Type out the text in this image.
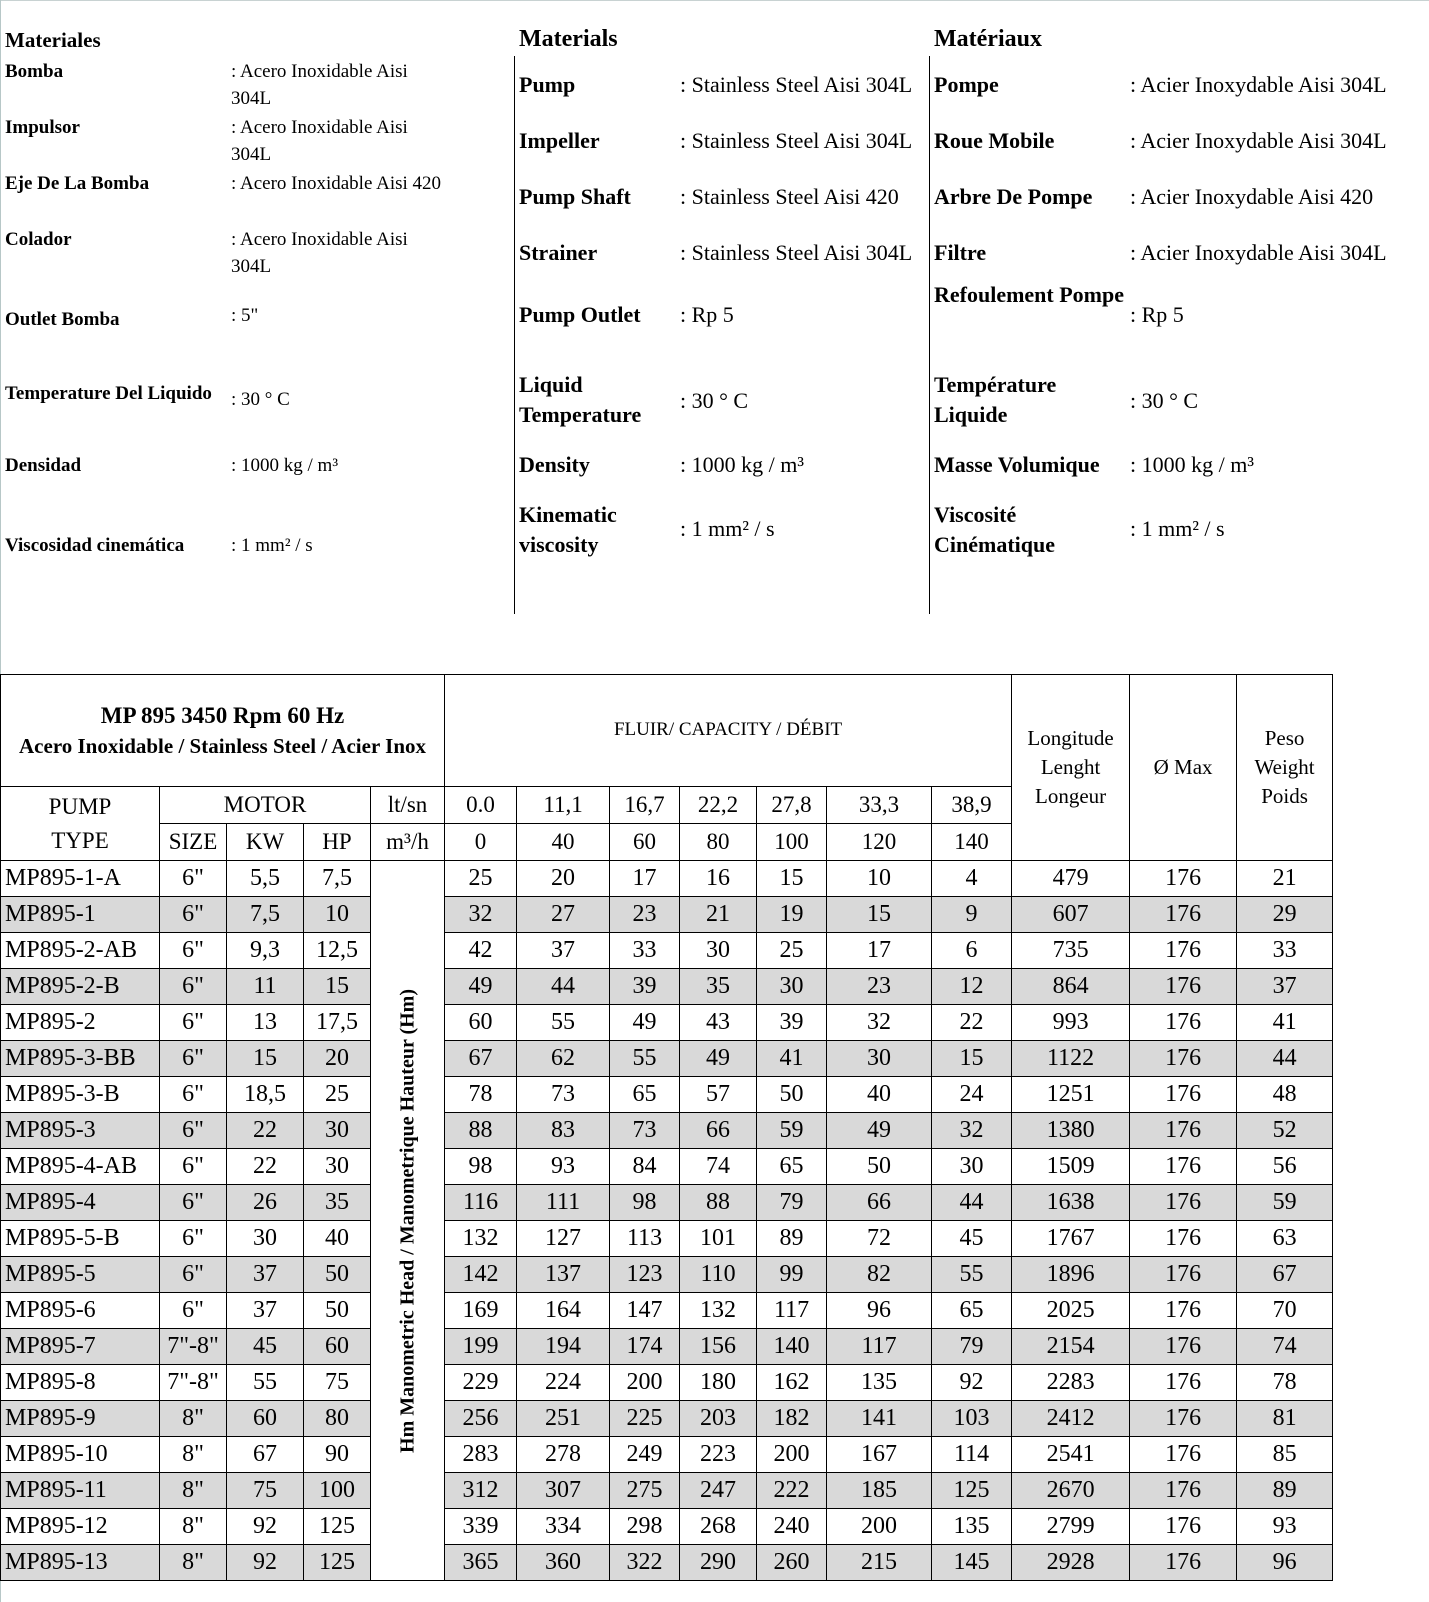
Materiales
Bomba	: Acero Inoxidable Aisi 304L
Impulsor	: Acero Inoxidable Aisi 304L
Eje De La Bomba	: Acero Inoxidable Aisi 420
Colador	: Acero Inoxidable Aisi 304L
Outlet Bomba	: 5"
Temperature Del Liquido	: 30 ° C
Densidad	: 1000 kg / m³
Viscosidad cinemática	: 1 mm² / s
Materials
Pump	: Stainless Steel Aisi 304L
Impeller	: Stainless Steel Aisi 304L
Pump Shaft	: Stainless Steel Aisi 420
Strainer	: Stainless Steel Aisi 304L
Pump Outlet	: Rp 5
Liquid Temperature
: 30 ° C
Density	: 1000 kg / m³
Kinematic viscosity
: 1 mm² / s
Matériaux
Pompe	: Acier Inoxydable Aisi 304L
Roue Mobile	: Acier Inoxydable Aisi 304L
Arbre De Pompe	: Acier Inoxydable Aisi 420
Filtre	: Acier Inoxydable Aisi 304L
Refoulement Pompe
: Rp 5
Température Liquide
: 30 ° C
Masse Volumique	: 1000 kg / m³
Viscosité Cinématique
: 1 mm² / s
MP 895 3450 Rpm 60 Hz
Acero Inoxidable / Stainless Steel / Acier Inox					FLUIR/ CAPACITY / DÉBIT							Longitude Lenght Longeur	Ø Max	Peso Weight Poids

PUMP TYPE	MOTOR			lt/sn	0.0	11,1	16,7	22,2	27,8	33,3	38,9			
	SIZE	KW	HP	m³/h	0	40	60	80	100	120	140			
MP895-1-A	6"	5,5	7,5	Hm Manometric Head / Manometrique Hauteur (Hm)	25	20	17	16	15	10	4	479	176	21
MP895-1	6"	7,5	10		32	27	23	21	19	15	9	607	176	29
MP895-2-AB	6"	9,3	12,5		42	37	33	30	25	17	6	735	176	33
MP895-2-B	6"	11	15		49	44	39	35	30	23	12	864	176	37
MP895-2	6"	13	17,5		60	55	49	43	39	32	22	993	176	41
MP895-3-BB	6"	15	20		67	62	55	49	41	30	15	1122	176	44
MP895-3-B	6"	18,5	25		78	73	65	57	50	40	24	1251	176	48
MP895-3	6"	22	30		88	83	73	66	59	49	32	1380	176	52
MP895-4-AB	6"	22	30		98	93	84	74	65	50	30	1509	176	56
MP895-4	6"	26	35		116	111	98	88	79	66	44	1638	176	59
MP895-5-B	6"	30	40		132	127	113	101	89	72	45	1767	176	63
MP895-5	6"	37	50		142	137	123	110	99	82	55	1896	176	67
MP895-6	6"	37	50		169	164	147	132	117	96	65	2025	176	70
MP895-7	7"-8"	45	60		199	194	174	156	140	117	79	2154	176	74
MP895-8	7"-8"	55	75		229	224	200	180	162	135	92	2283	176	78
MP895-9	8"	60	80		256	251	225	203	182	141	103	2412	176	81
MP895-10	8"	67	90		283	278	249	223	200	167	114	2541	176	85
MP895-11	8"	75	100		312	307	275	247	222	185	125	2670	176	89
MP895-12	8"	92	125		339	334	298	268	240	200	135	2799	176	93
MP895-13	8"	92	125		365	360	322	290	260	215	145	2928	176	96
